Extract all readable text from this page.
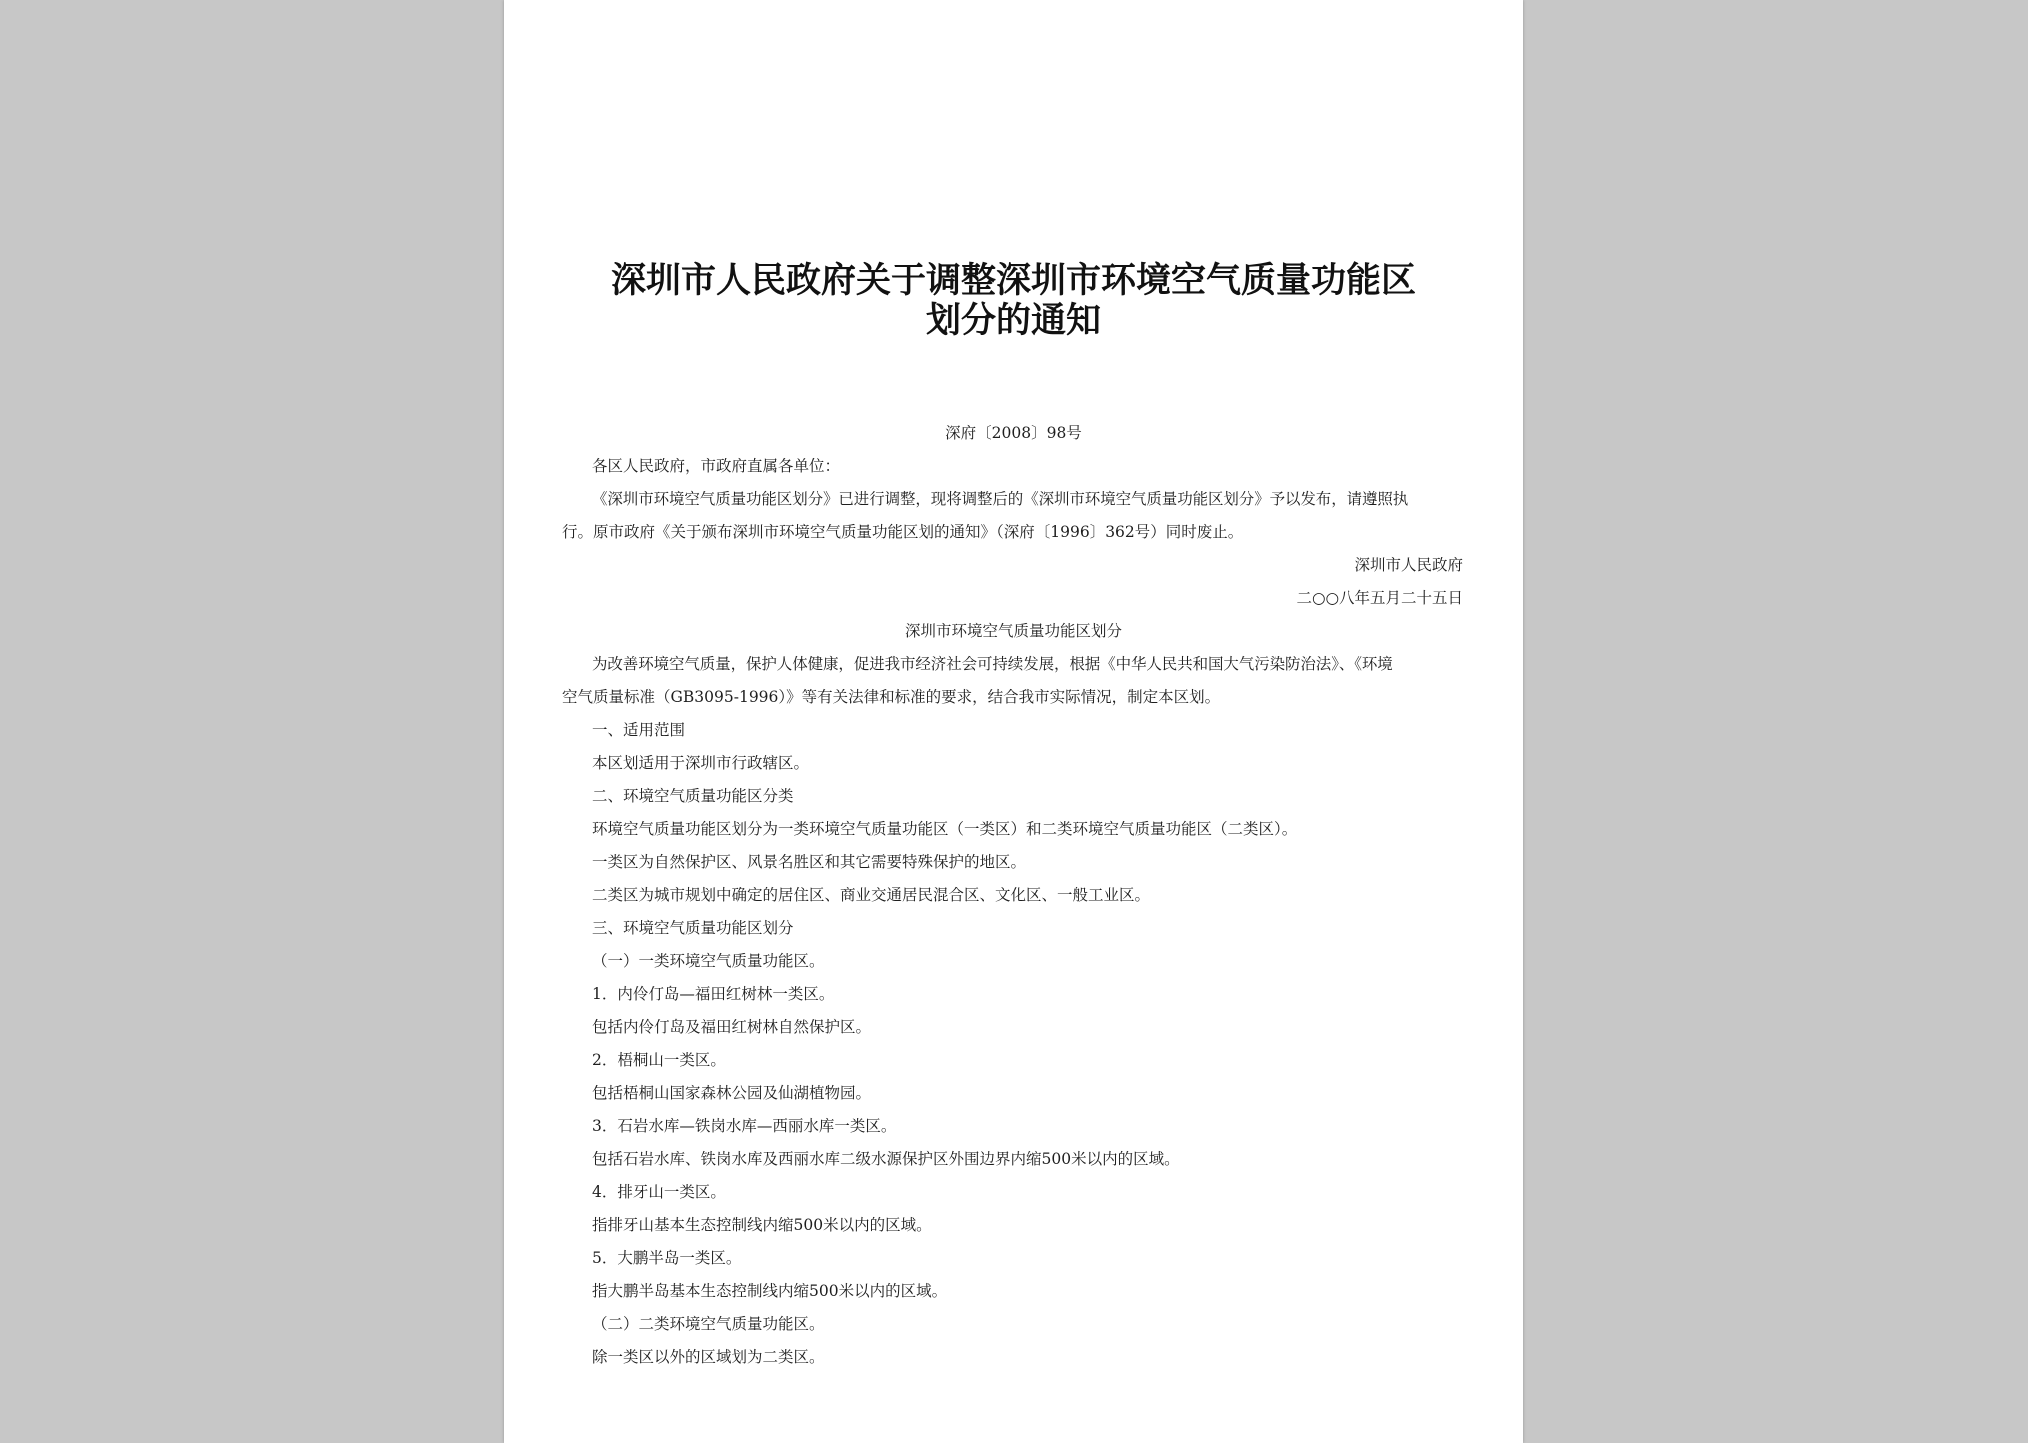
深圳市人民政府关于调整深圳市环境空气质量功能区
划分的通知
深府〔2008〕98号
各区人民政府，市政府直属各单位：
《深圳市环境空气质量功能区划分》已进行调整，现将调整后的《深圳市环境空气质量功能区划分》予以发布，请遵照执
行。原市政府《关于颁布深圳市环境空气质量功能区划的通知》（深府〔1996〕362号）同时废止。
深圳市人民政府
二○○八年五月二十五日
深圳市环境空气质量功能区划分
为改善环境空气质量，保护人体健康，促进我市经济社会可持续发展，根据《中华人民共和国大气污染防治法》、《环境
空气质量标准（GB3095-1996）》等有关法律和标准的要求，结合我市实际情况，制定本区划。
一、适用范围
本区划适用于深圳市行政辖区。
二、环境空气质量功能区分类
环境空气质量功能区划分为一类环境空气质量功能区（一类区）和二类环境空气质量功能区（二类区）。
一类区为自然保护区、风景名胜区和其它需要特殊保护的地区。
二类区为城市规划中确定的居住区、商业交通居民混合区、文化区、一般工业区。
三、环境空气质量功能区划分
（一）一类环境空气质量功能区。
1．内伶仃岛—福田红树林一类区。
包括内伶仃岛及福田红树林自然保护区。
2．梧桐山一类区。
包括梧桐山国家森林公园及仙湖植物园。
3．石岩水库—铁岗水库—西丽水库一类区。
包括石岩水库、铁岗水库及西丽水库二级水源保护区外围边界内缩500米以内的区域。
4．排牙山一类区。
指排牙山基本生态控制线内缩500米以内的区域。
5．大鹏半岛一类区。
指大鹏半岛基本生态控制线内缩500米以内的区域。
（二）二类环境空气质量功能区。
除一类区以外的区域划为二类区。
